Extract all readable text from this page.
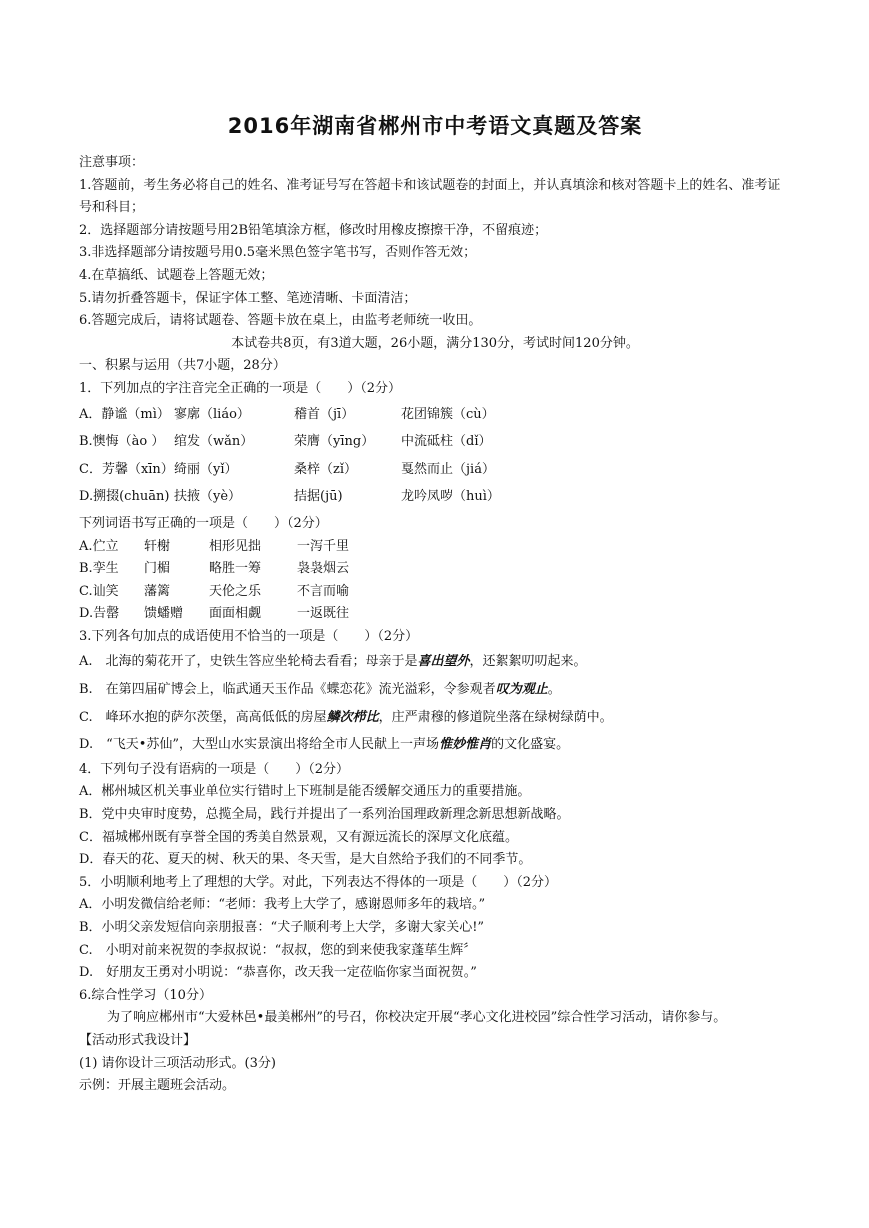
2016年湖南省郴州市中考语文真题及答案
注意事项：
1.答题前，考生务必将自己的姓名、准考证号写在答超卡和该试题卷的封面上，并认真填涂和核对答题卡上的姓名、准考证号和科目；
2．选择题部分请按题号用2B铅笔填涂方框，修改时用橡皮擦擦干净，不留痕迹；
3.非选择题部分请按题号用0.5毫米黑色签字笔书写，否则作答无效；
4.在草搞纸、试题卷上答题无效；
5.请勿折叠答题卡，保证字体工整、笔迹清晰、卡面清洁；
6.答题完成后，请将试题卷、答题卡放在桌上，由监考老师统一收田。
本试卷共8页，有3道大题，26小题，满分130分，考试时间120分钟。
一、积累与运用（共7小题，28分）
1．下列加点的字注音完全正确的一项是（　　）（2分）
A．静谧（mì） 寥廓（liáo）	稽首（jī）	花团锦簇（cù）
B.懊悔（ào ） 绾发（wǎn）	荣膺（yīng）	中流砥柱（dǐ）
C．芳馨（xīn） 绮丽（yǐ）	桑梓（zǐ）	戛然而止（jiá）
D.搠掇(chuān) 扶掖（yè）	拮据(jū)	龙吟凤哕（huì）
下列词语书写正确的一项是（　　）（2分）
A.伫立 轩榭	相形见拙	一泻千里
B.孪生 门楣	略胜一筹	袅袅烟云
C.讪笑 藩篱	天伦之乐	不言而喻
D.告罄 馈蟠赠 面面相觑	一返既往
3.下列各句加点的成语使用不恰当的一项是（　　）（2分）
A.　北海的菊花开了，史铁生答应坐轮椅去看看；母亲于是 喜出望外 ，还絮絮叨叨起来。
B.　在第四届矿博会上，临武通天玉作品《蝶恋花》流光溢彩，令参观者 叹为观止 。
C.　峰环水抱的萨尔茨堡，高高低低的房屋 鳞次栉比 ，庄严肃穆的修道院坐落在绿树绿荫中。
D.　“飞天•苏仙”，大型山水实景演出将给全市人民献上一声场 惟妙惟肖 的文化盛宴。
4．下列句子没有语病的一项是（　　）（2分）
A．郴州城区机关事业单位实行错时上下班制是能否缓解交通压力的重要措施。
B．党中央审时度势，总揽全局，践行并提出了一系列治国理政新理念新思想新战略。
C．福城郴州既有享誉全国的秀美自然景观，又有源远流长的深厚文化底蕴。
D．春天的花、夏天的树、秋天的果、冬天雪，是大自然给予我们的不同季节。
5．小明顺利地考上了理想的大学。对此，下列表达不得体的一项是（　　）（2分）
A．小明发微信给老师：“老师：我考上大学了，感谢恩师多年的栽培。”
B．小明父亲发短信向亲朋报喜：“犬子顺利考上大学，多谢大家关心!”
C.　小明对前来祝贺的李叔叔说：“叔叔，您的到来使我家蓬荜生辉〞
D.　好朋友王勇对小明说：“恭喜你，改天我一定莅临你家当面祝贺。”
6.综合性学习（10分）
为了响应郴州市“大爱林邑•最美郴州”的号召，你校决定开展“孝心文化进校园”综合性学习活动，请你参与。
【活动形式我设计】
(1) 请你设计三项活动形式。(3分)
示例：开展主题班会活动。
